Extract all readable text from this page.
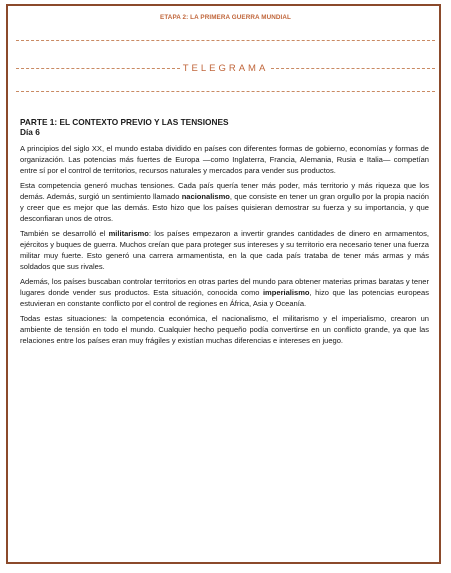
ETAPA 2: LA PRIMERA GUERRA MUNDIAL
TELEGRAMA

PARTE 1: EL CONTEXTO PREVIO Y LAS TENSIONES

Día 6

A principios del siglo XX, el mundo estaba dividido en países con diferentes formas de gobierno, economías y formas de organización. Las potencias más fuertes de Europa —como Inglaterra, Francia, Alemania, Rusia e Italia— competían entre sí por el control de territorios, recursos naturales y mercados para vender sus productos.

Esta competencia generó muchas tensiones. Cada país quería tener más poder, más territorio y más riqueza que los demás. Además, surgió un sentimiento llamado nacionalismo, que consiste en tener un gran orgullo por la propia nación y creer que es mejor que las demás. Esto hizo que los países quisieran demostrar su fuerza y su importancia, y que desconfiaran unos de otros.

También se desarrolló el militarismo: los países empezaron a invertir grandes cantidades de dinero en armamentos, ejércitos y buques de guerra. Muchos creían que para proteger sus intereses y su territorio era necesario tener una fuerza militar muy fuerte. Esto generó una carrera armamentista, en la que cada país trataba de tener más armas y más soldados que sus rivales.

Además, los países buscaban controlar territorios en otras partes del mundo para obtener materias primas baratas y tener lugares donde vender sus productos. Esta situación, conocida como imperialismo, hizo que las potencias europeas estuvieran en constante conflicto por el control de regiones en África, Asia y Oceanía.

Todas estas situaciones: la competencia económica, el nacionalismo, el militarismo y el imperialismo, crearon un ambiente de tensión en todo el mundo. Cualquier hecho pequeño podía convertirse en un conflicto grande, ya que las relaciones entre los países eran muy frágiles y existían muchas diferencias e intereses en juego.
